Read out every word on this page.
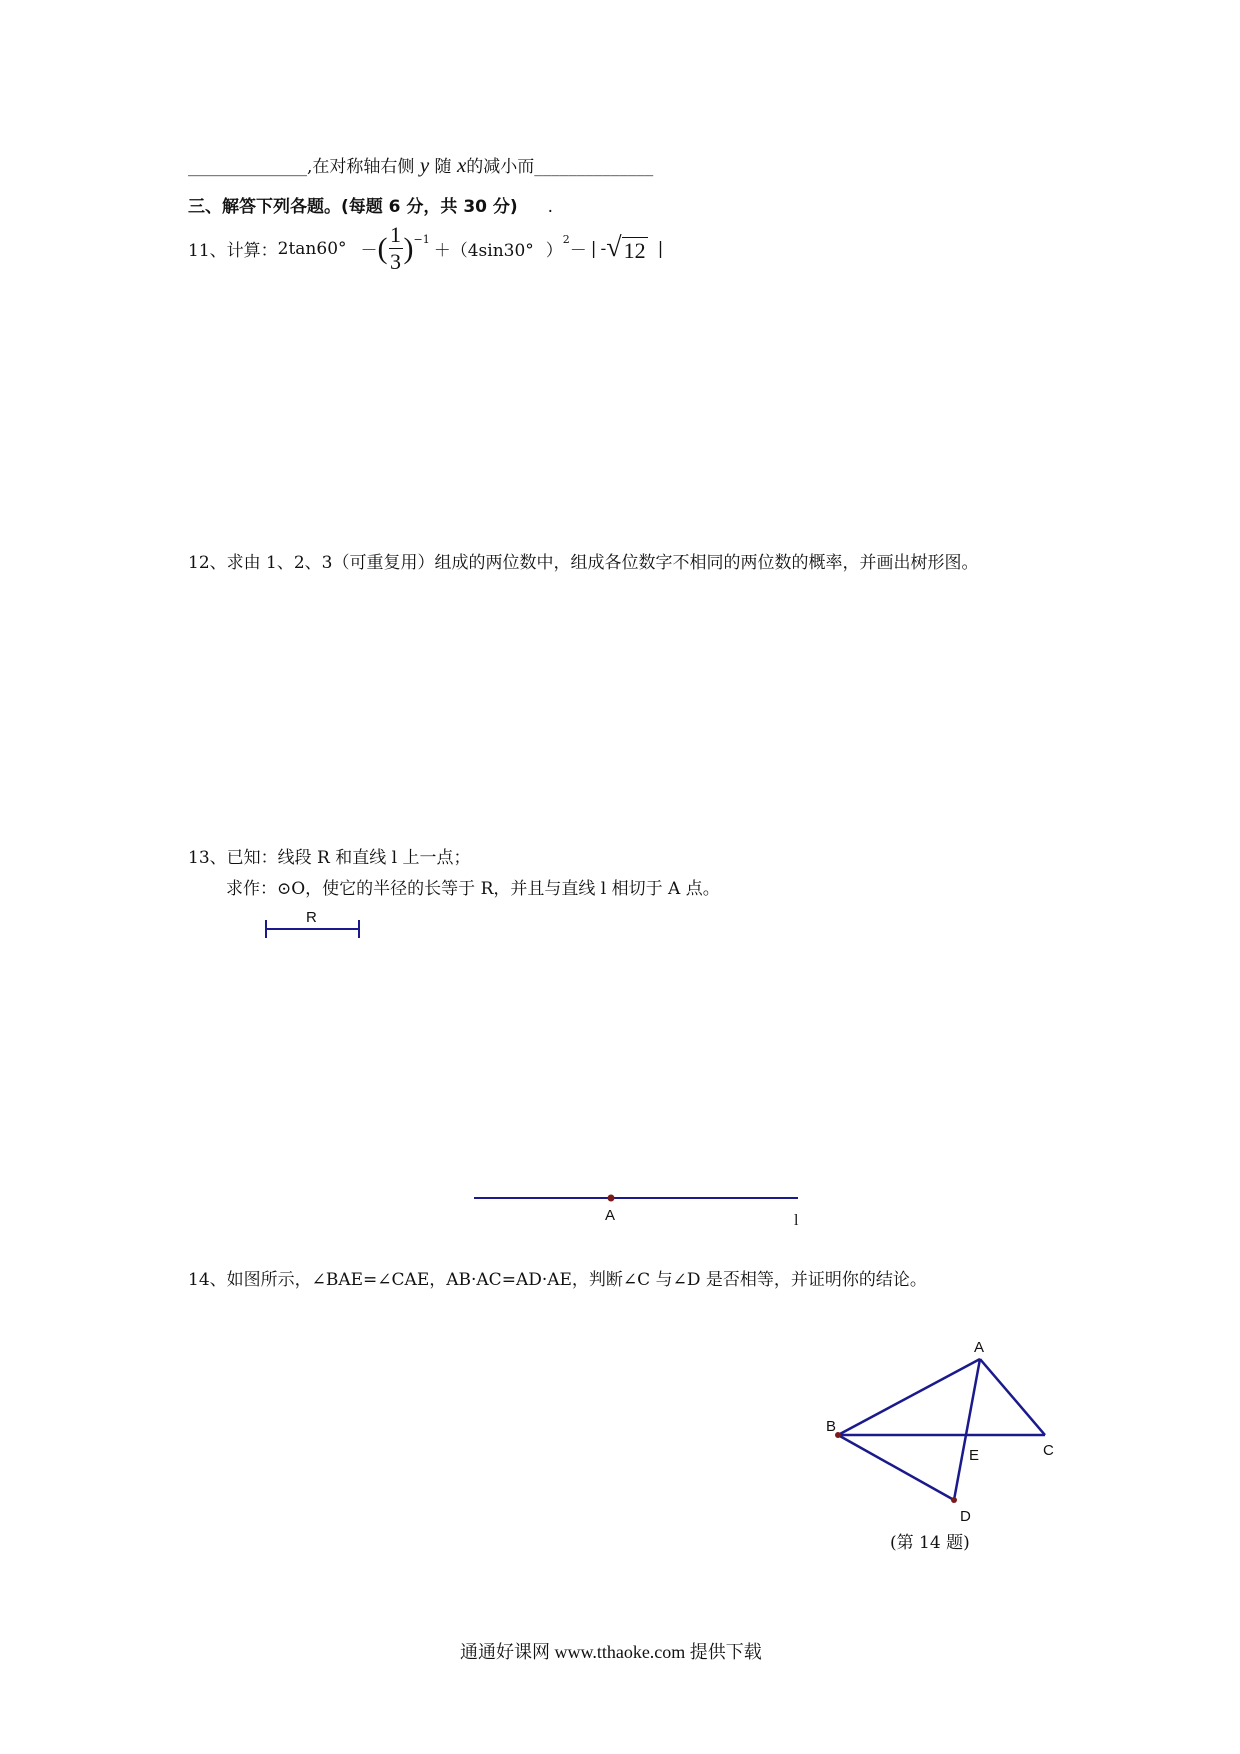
______________,在对称轴右侧 y 随 x的减小而______________
三、解答下列各题。(每题 6 分，共 30 分) .
11、计算： 2tan60° － ( $\frac{1}{3}$ ) −1
＋ （4sin30° ）
2
－ | - √ 12 |
12、求由 1、2、3（可重复用）组成的两位数中，组成各位数字不相同的两位数的概率，并画出树形图。
13、已知：线段 R 和直线 l 上一点；
求作：⊙O，使它的半径的长等于 R，并且与直线 l 相切于 A 点。
14、如图所示，∠BAE=∠CAE，AB·AC=AD·AE，判断∠C 与∠D 是否相等，并证明你的结论。
(第 14 题)
R
A	l
A
B
C
D
E
通通好课网 www.tthaoke.com 提供下载
